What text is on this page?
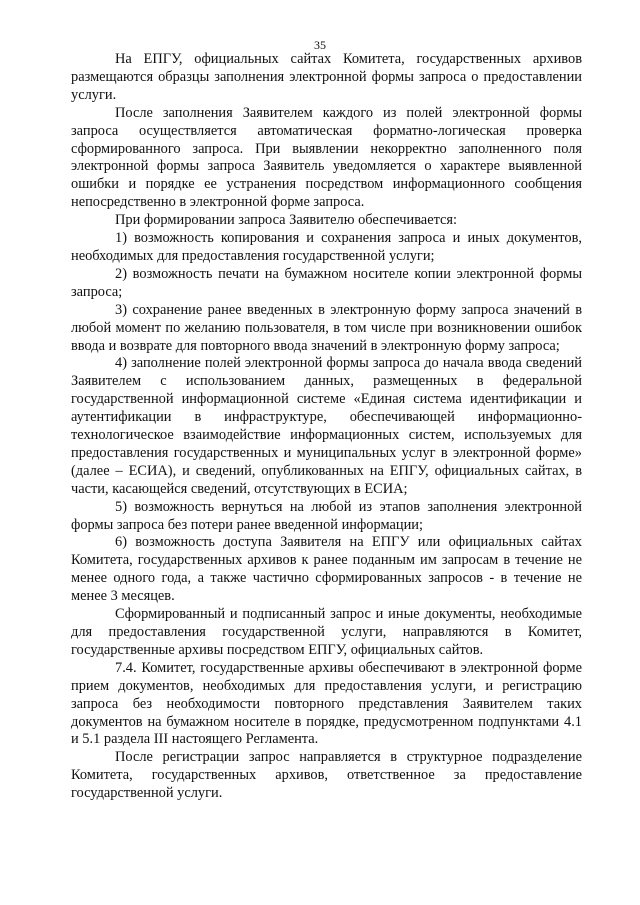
35

На ЕПГУ, официальных сайтах Комитета, государственных архивов размещаются образцы заполнения электронной формы запроса о предоставлении услуги.

После заполнения Заявителем каждого из полей электронной формы запроса осуществляется автоматическая форматно-логическая проверка сформированного запроса. При выявлении некорректно заполненного поля электронной формы запроса Заявитель уведомляется о характере выявленной ошибки и порядке ее устранения посредством информационного сообщения непосредственно в электронной форме запроса.

При формировании запроса Заявителю обеспечивается:

1) возможность копирования и сохранения запроса и иных документов, необходимых для предоставления государственной услуги;

2) возможность печати на бумажном носителе копии электронной формы запроса;

3) сохранение ранее введенных в электронную форму запроса значений в любой момент по желанию пользователя, в том числе при возникновении ошибок ввода и возврате для повторного ввода значений в электронную форму запроса;

4) заполнение полей электронной формы запроса до начала ввода сведений Заявителем с использованием данных, размещенных в федеральной государственной информационной системе «Единая система идентификации и аутентификации в инфраструктуре, обеспечивающей информационно-технологическое взаимодействие информационных систем, используемых для предоставления государственных и муниципальных услуг в электронной форме» (далее – ЕСИА), и сведений, опубликованных на ЕПГУ, официальных сайтах, в части, касающейся сведений, отсутствующих в ЕСИА;

5) возможность вернуться на любой из этапов заполнения электронной формы запроса без потери ранее введенной информации;

6) возможность доступа Заявителя на ЕПГУ или официальных сайтах Комитета, государственных архивов к ранее поданным им запросам в течение не менее одного года, а также частично сформированных запросов - в течение не менее 3 месяцев.

Сформированный и подписанный запрос и иные документы, необходимые для предоставления государственной услуги, направляются в Комитет, государственные архивы посредством ЕПГУ, официальных сайтов.

7.4. Комитет, государственные архивы обеспечивают в электронной форме прием документов, необходимых для предоставления услуги, и регистрацию запроса без необходимости повторного представления Заявителем таких документов на бумажном носителе в порядке, предусмотренном подпунктами 4.1 и 5.1 раздела III настоящего Регламента.

После регистрации запрос направляется в структурное подразделение Комитета, государственных архивов, ответственное за предоставление государственной услуги.
